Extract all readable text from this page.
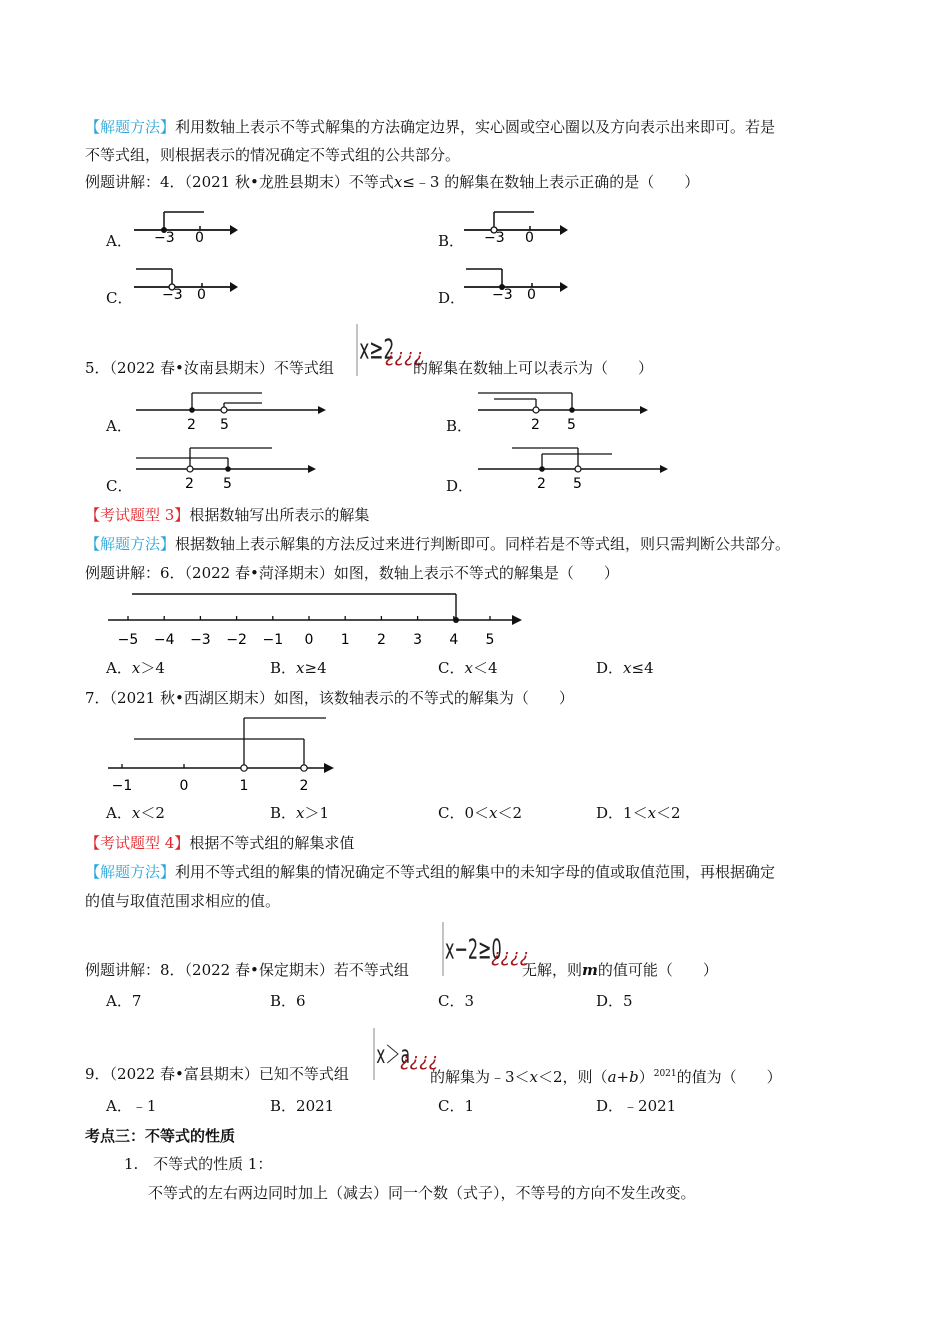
【解题方法】利用数轴上表示不等式解集的方法确定边界，实心圆或空心圈以及方向表示出来即可。若是
不等式组，则根据表示的情况确定不等式组的公共部分。
例题讲解：4．（2021 秋•龙胜县期末）不等式x≤﹣3 的解集在数轴上表示正确的是（　　）
A． −3 0	B． −3 0
C． −3 0	D． −3 0
5．（2022 春•汝南县期末）不等式组
x≥2
¿¿¿¿
的解集在数轴上可以表示为（　　）
A．	2 5	B．	2 5
C．	2 5	D．	2 5
【考试题型 3】根据数轴写出所表示的解集
【解题方法】根据数轴上表示解集的方法反过来进行判断即可。同样若是不等式组，则只需判断公共部分。
例题讲解：6．（2022 春•菏泽期末）如图，数轴上表示不等式的解集是（　　）
−5 −4 −3 −2 −1 0 1 2 3 4 5
A．x＞4	B．x≥4	C．x＜4	D．x≤4
7．（2021 秋•西湖区期末）如图，该数轴表示的不等式的解集为（　　）
−1	0	1	2
A．x＜2	B．x＞1	C．0＜x＜2	D．1＜x＜2
【考试题型 4】根据不等式组的解集求值
【解题方法】利用不等式组的解集的情况确定不等式组的解集中的未知字母的值或取值范围，再根据确定
的值与取值范围求相应的值。
例题讲解：8．（2022 春•保定期末）若不等式组
x−2≥0
¿¿¿¿
无解，则m的值可能（　　）
A．7	B．6	C．3	D．5
9．（2022 春•富县期末）已知不等式组
x＞a
¿¿¿¿
的解集为﹣3＜x＜2，则$(a+b)^{2021}$的值为（　　）
A．﹣1	B．2021	C．1	D．﹣2021
考点三：不等式的性质
1. 不等式的性质 1：
不等式的左右两边同时加上（减去）同一个数（式子），不等号的方向不发生改变。
